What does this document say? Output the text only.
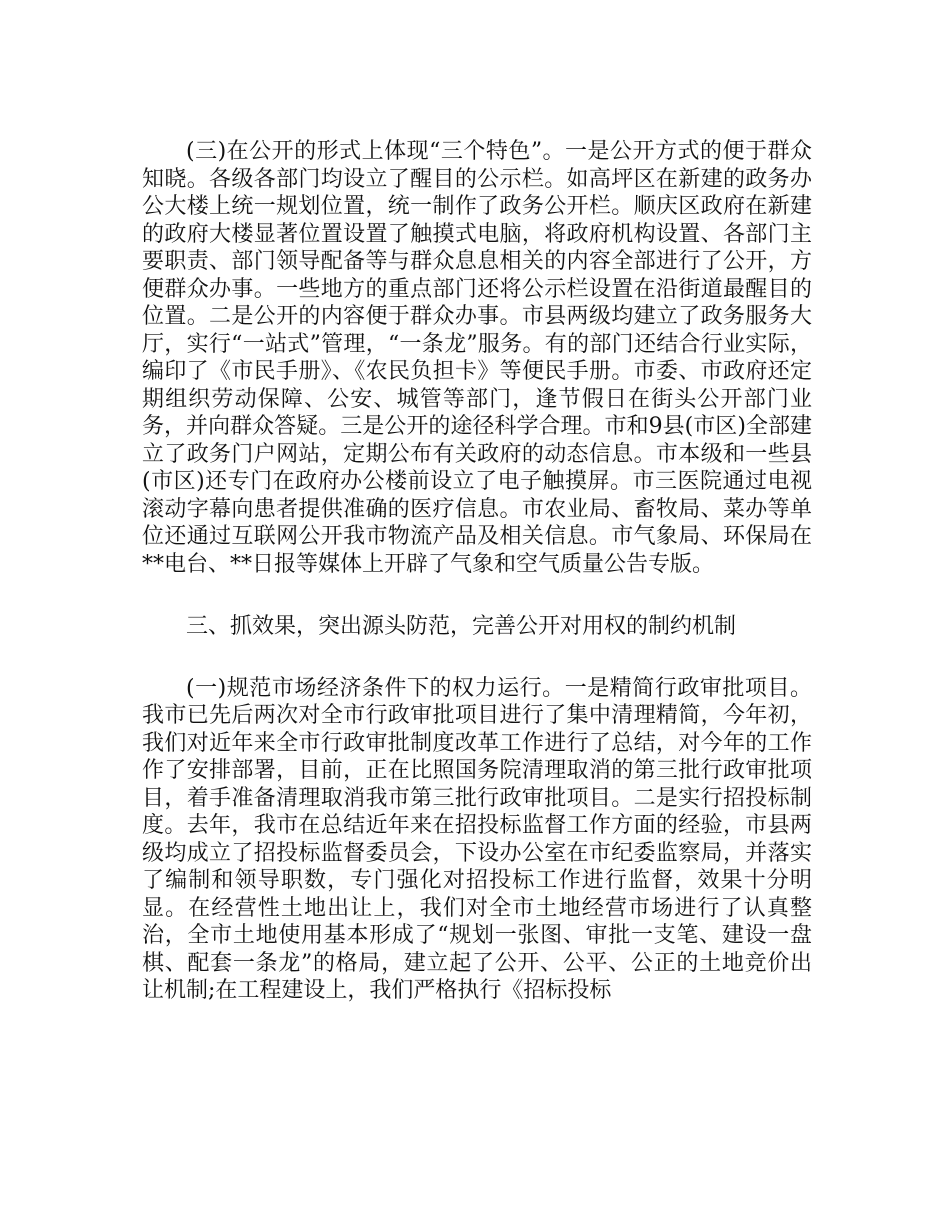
(三)在公开的形式上体现“三个特色”。一是公开方式的便于群众知晓。各级各部门均设立了醒目的公示栏。如高坪区在新建的政务办公大楼上统一规划位置，统一制作了政务公开栏。顺庆区政府在新建的政府大楼显著位置设置了触摸式电脑，将政府机构设置、各部门主要职责、部门领导配备等与群众息息相关的内容全部进行了公开，方便群众办事。一些地方的重点部门还将公示栏设置在沿街道最醒目的位置。二是公开的内容便于群众办事。市县两级均建立了政务服务大厅，实行“一站式”管理，“一条龙”服务。有的部门还结合行业实际，编印了《市民手册》、《农民负担卡》等便民手册。市委、市政府还定期组织劳动保障、公安、城管等部门，逢节假日在街头公开部门业务，并向群众答疑。三是公开的途径科学合理。市和9县(市区)全部建立了政务门户网站，定期公布有关政府的动态信息。市本级和一些县(市区)还专门在政府办公楼前设立了电子触摸屏。市三医院通过电视滚动字幕向患者提供准确的医疗信息。市农业局、畜牧局、菜办等单位还通过互联网公开我市物流产品及相关信息。市气象局、环保局在**电台、**日报等媒体上开辟了气象和空气质量公告专版。

三、抓效果，突出源头防范，完善公开对用权的制约机制

(一)规范市场经济条件下的权力运行。一是精简行政审批项目。我市已先后两次对全市行政审批项目进行了集中清理精简，今年初，我们对近年来全市行政审批制度改革工作进行了总结，对今年的工作作了安排部署，目前，正在比照国务院清理取消的第三批行政审批项目，着手准备清理取消我市第三批行政审批项目。二是实行招投标制度。去年，我市在总结近年来在招投标监督工作方面的经验，市县两级均成立了招投标监督委员会，下设办公室在市纪委监察局，并落实了编制和领导职数，专门强化对招投标工作进行监督，效果十分明显。在经营性土地出让上，我们对全市土地经营市场进行了认真整治，全市土地使用基本形成了“规划一张图、审批一支笔、建设一盘棋、配套一条龙”的格局，建立起了公开、公平、公正的土地竞价出让机制;在工程建设上，我们严格执行《招标投标
